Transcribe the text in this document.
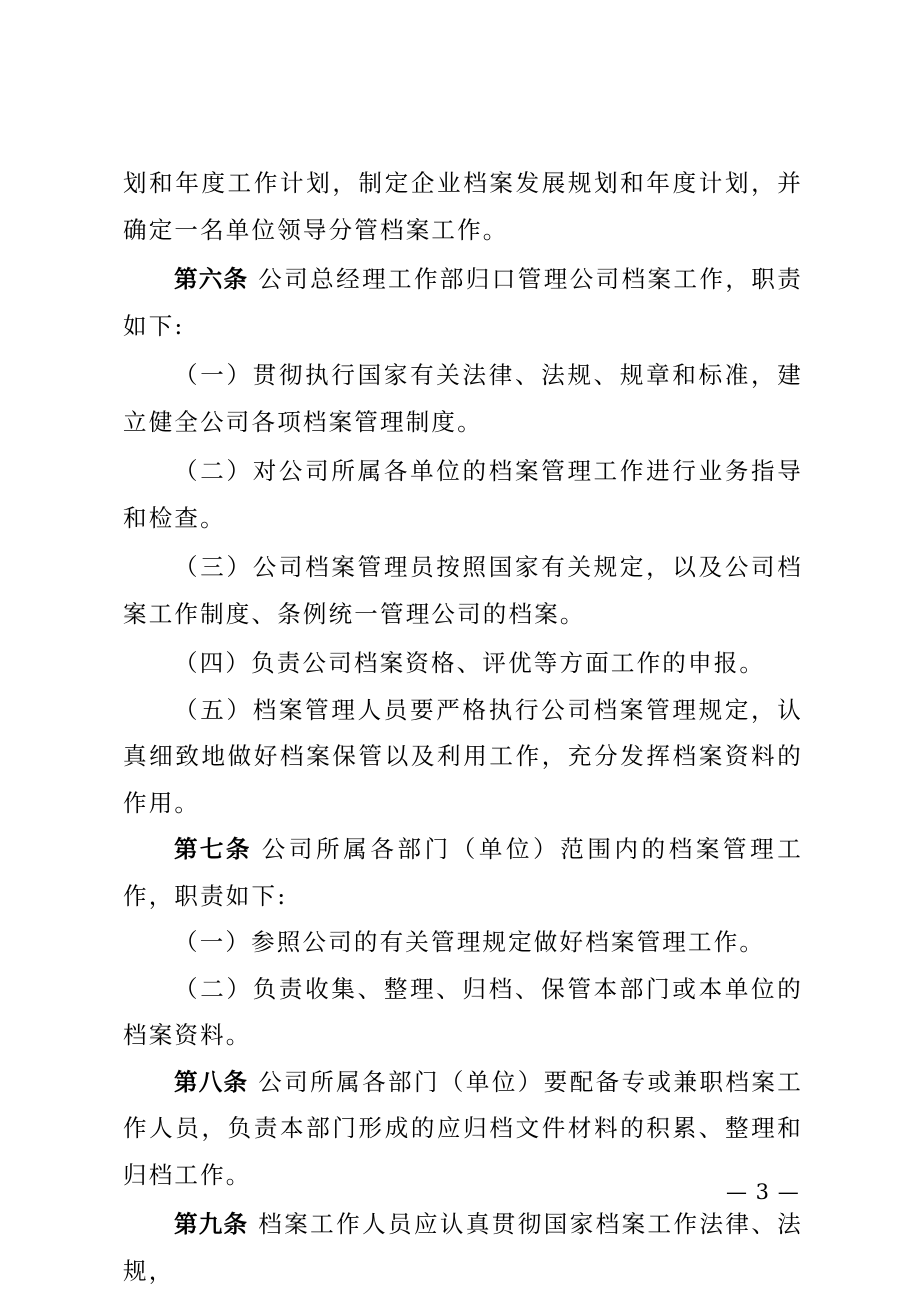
划和年度工作计划，制定企业档案发展规划和年度计划，并确定一名单位领导分管档案工作。

第六条 公司总经理工作部归口管理公司档案工作，职责如下:

（一）贯彻执行国家有关法律、法规、规章和标准，建立健全公司各项档案管理制度。

（二）对公司所属各单位的档案管理工作进行业务指导和检查。

（三）公司档案管理员按照国家有关规定，以及公司档案工作制度、条例统一管理公司的档案。

（四）负责公司档案资格、评优等方面工作的申报。

（五）档案管理人员要严格执行公司档案管理规定，认真细致地做好档案保管以及利用工作，充分发挥档案资料的作用。

第七条 公司所属各部门（单位）范围内的档案管理工作，职责如下:

（一）参照公司的有关管理规定做好档案管理工作。

（二）负责收集、整理、归档、保管本部门或本单位的档案资料。

第八条 公司所属各部门（单位）要配备专或兼职档案工作人员，负责本部门形成的应归档文件材料的积累、整理和归档工作。

第九条 档案工作人员应认真贯彻国家档案工作法律、法规，

— 3 —
